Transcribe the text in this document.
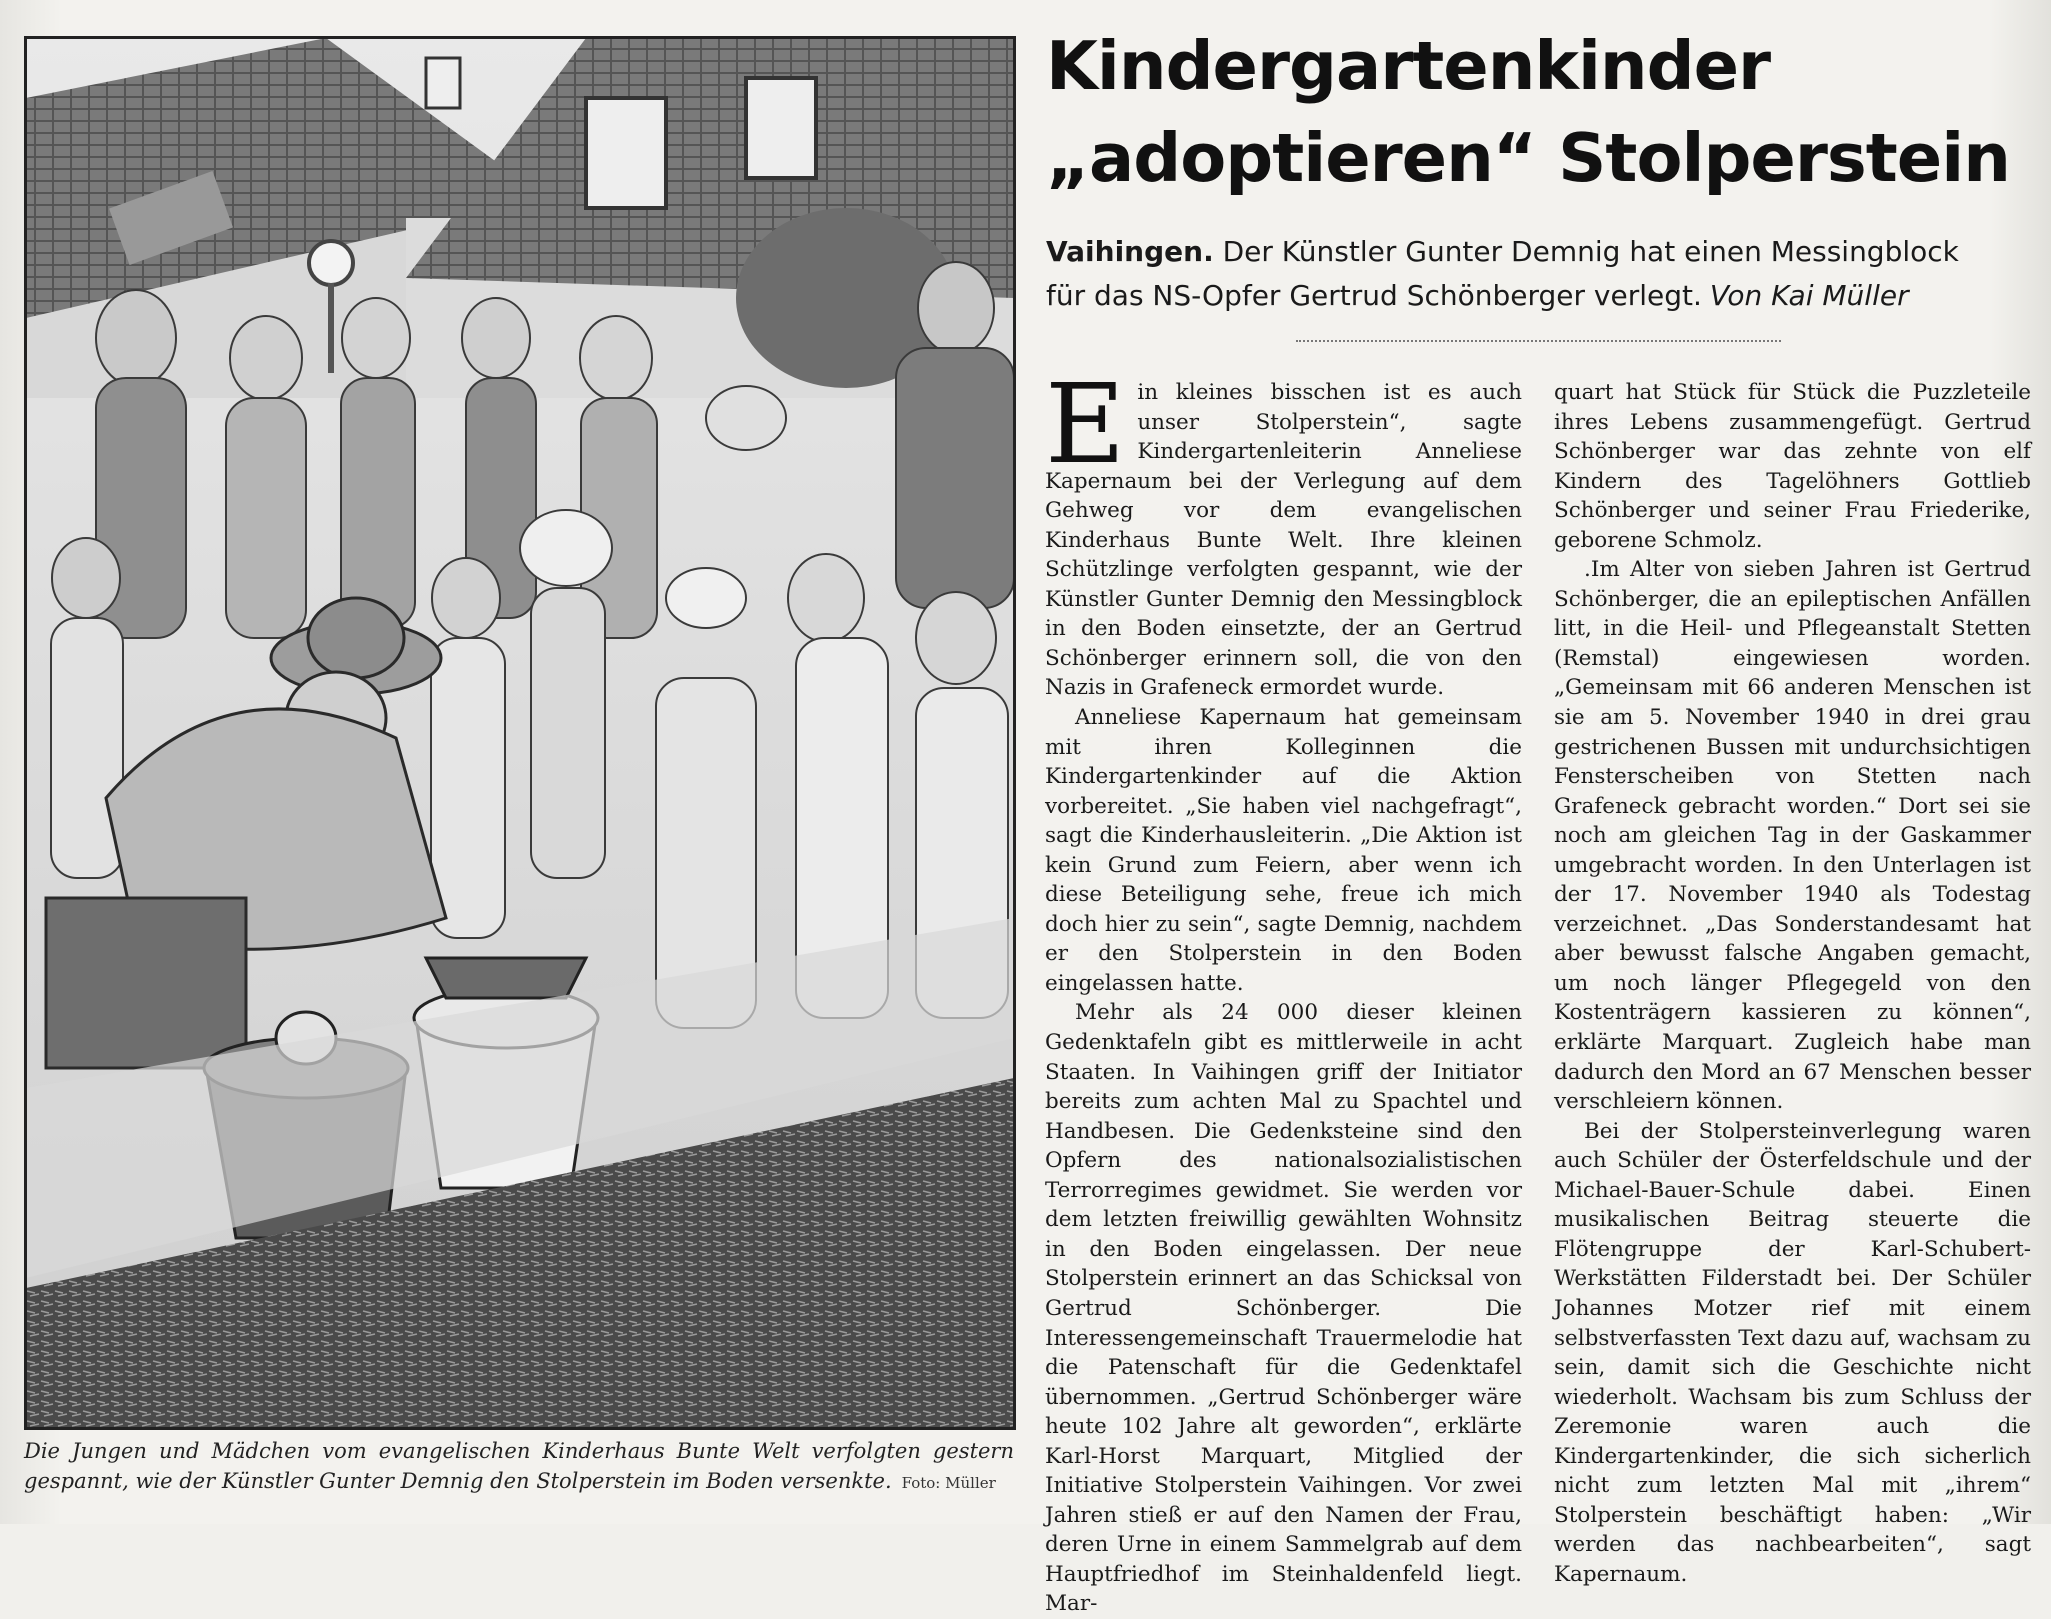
Die Jungen und Mädchen vom evangelischen Kinderhaus Bunte Welt verfolgten gestern gespannt, wie der Künstler Gunter Demnig den Stolperstein im Boden versenkte. Foto: Müller
Kindergartenkinder
„adoptieren“ Stolperstein
Vaihingen. Der Künstler Gunter Demnig hat einen Messingblock für das NS-Opfer Gertrud Schönberger verlegt. Von Kai Müller

Ein kleines bisschen ist es auch unser Stolperstein“, sagte Kindergartenleiterin Anneliese Kapernaum bei der Verlegung auf dem Gehweg vor dem evangelischen Kinderhaus Bunte Welt. Ihre kleinen Schützlinge verfolgten gespannt, wie der Künstler Gunter Demnig den Messingblock in den Boden einsetzte, der an Gertrud Schönberger erinnern soll, die von den Nazis in Grafeneck ermordet wurde.

Anneliese Kapernaum hat gemeinsam mit ihren Kolleginnen die Kindergartenkinder auf die Aktion vorbereitet. „Sie haben viel nachgefragt“, sagt die Kinderhausleiterin. „Die Aktion ist kein Grund zum Feiern, aber wenn ich diese Beteiligung sehe, freue ich mich doch hier zu sein“, sagte Demnig, nachdem er den Stolperstein in den Boden eingelassen hatte.

Mehr als 24 000 dieser kleinen Gedenktafeln gibt es mittlerweile in acht Staaten. In Vaihingen griff der Initiator bereits zum achten Mal zu Spachtel und Handbesen. Die Gedenksteine sind den Opfern des nationalsozialistischen Terrorregimes gewidmet. Sie werden vor dem letzten freiwillig gewählten Wohnsitz in den Boden eingelassen. Der neue Stolperstein erinnert an das Schicksal von Gertrud Schönberger. Die Interessengemeinschaft Trauermelodie hat die Patenschaft für die Gedenktafel übernommen. „Gertrud Schönberger wäre heute 102 Jahre alt geworden“, erklärte Karl-Horst Marquart, Mitglied der Initiative Stolperstein Vaihingen. Vor zwei Jahren stieß er auf den Namen der Frau, deren Urne in einem Sammelgrab auf dem Hauptfriedhof im Steinhaldenfeld liegt. Mar-

quart hat Stück für Stück die Puzzleteile ihres Lebens zusammengefügt. Gertrud Schönberger war das zehnte von elf Kindern des Tagelöhners Gottlieb Schönberger und seiner Frau Friederike, geborene Schmolz.

.Im Alter von sieben Jahren ist Gertrud Schönberger, die an epileptischen Anfällen litt, in die Heil- und Pflegeanstalt Stetten (Remstal) eingewiesen worden. „Gemeinsam mit 66 anderen Menschen ist sie am 5. November 1940 in drei grau gestrichenen Bussen mit undurchsichtigen Fensterscheiben von Stetten nach Grafeneck gebracht worden.“ Dort sei sie noch am gleichen Tag in der Gaskammer umgebracht worden. In den Unterlagen ist der 17. November 1940 als Todestag verzeichnet. „Das Sonderstandesamt hat aber bewusst falsche Angaben gemacht, um noch länger Pflegegeld von den Kostenträgern kassieren zu können“, erklärte Marquart. Zugleich habe man dadurch den Mord an 67 Menschen besser verschleiern können.

Bei der Stolpersteinverlegung waren auch Schüler der Österfeldschule und der Michael-Bauer-Schule dabei. Einen musikalischen Beitrag steuerte die Flötengruppe der Karl-Schubert-Werkstätten Filderstadt bei. Der Schüler Johannes Motzer rief mit einem selbstverfassten Text dazu auf, wachsam zu sein, damit sich die Geschichte nicht wiederholt. Wachsam bis zum Schluss der Zeremonie waren auch die Kindergartenkinder, die sich sicherlich nicht zum letzten Mal mit „ihrem“ Stolperstein beschäftigt haben: „Wir werden das nachbearbeiten“, sagt Kapernaum.
